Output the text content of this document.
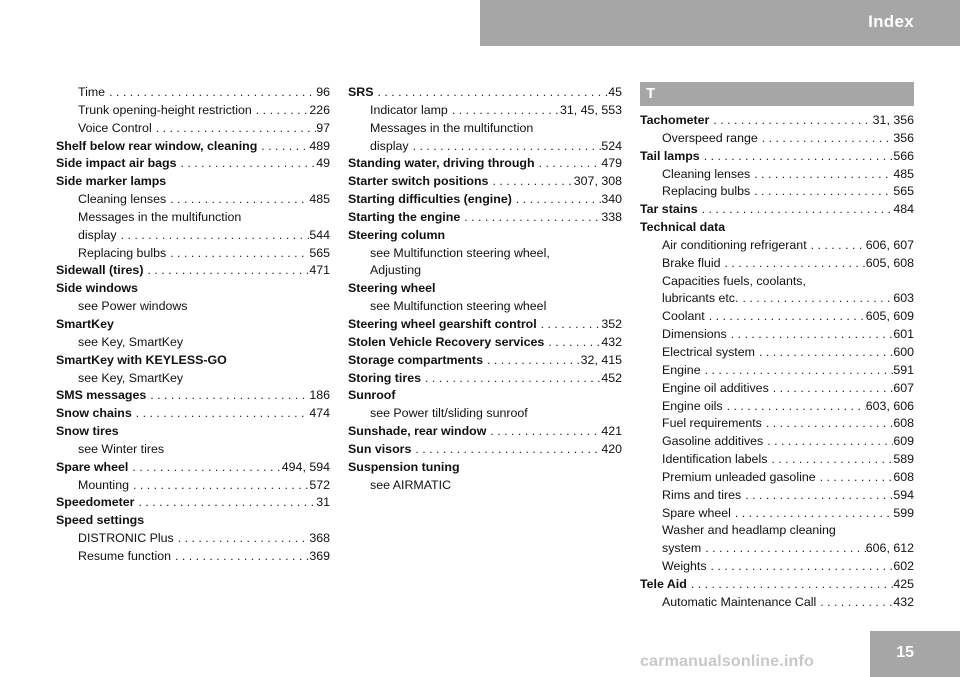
Index
Time . . .	96
Trunk opening-height restriction . . .	226
Voice Control . . .	97
Shelf below rear window, cleaning . . .	489
Side impact air bags . . .	49
Side marker lamps
Cleaning lenses . . .	485
Messages in the multifunction
display . . .	544
Replacing bulbs . . .	565
Sidewall (tires) . . .	471
Side windows
see Power windows
SmartKey
see Key, SmartKey
SmartKey with KEYLESS-GO
see Key, SmartKey
SMS messages . . .	186
Snow chains . . .	474
Snow tires
see Winter tires
Spare wheel . . .	494, 594
Mounting . . .	572
Speedometer . . .	31
Speed settings
DISTRONIC Plus . . .	368
Resume function . . .	369
SRS . . .	45
Indicator lamp . . .	31, 45, 553
Messages in the multifunction
display . . .	524
Standing water, driving through . . .	479
Starter switch positions . . .	307, 308
Starting difficulties (engine) . . .	340
Starting the engine . . .	338
Steering column
see Multifunction steering wheel,
Adjusting
Steering wheel
see Multifunction steering wheel
Steering wheel gearshift control . . .	352
Stolen Vehicle Recovery services . . .	432
Storage compartments . . .	32, 415
Storing tires . . .	452
Sunroof
see Power tilt/sliding sunroof
Sunshade, rear window . . .	421
Sun visors . . .	420
Suspension tuning
see AIRMATIC
T
Tachometer . . .	31, 356
Overspeed range . . .	356
Tail lamps . . .	566
Cleaning lenses . . .	485
Replacing bulbs . . .	565
Tar stains . . .	484
Technical data
Air conditioning refrigerant . . .	606, 607
Brake fluid . . .	605, 608
Capacities fuels, coolants,
lubricants etc. . . .	603
Coolant . . .	605, 609
Dimensions . . .	601
Electrical system . . .	600
Engine . . .	591
Engine oil additives . . .	607
Engine oils . . .	603, 606
Fuel requirements . . .	608
Gasoline additives . . .	609
Identification labels . . .	589
Premium unleaded gasoline . . .	608
Rims and tires . . .	594
Spare wheel . . .	599
Washer and headlamp cleaning
system . . .	606, 612
Weights . . .	602
Tele Aid . . .	425
Automatic Maintenance Call . . .	432
15
carmanualsonline.info
